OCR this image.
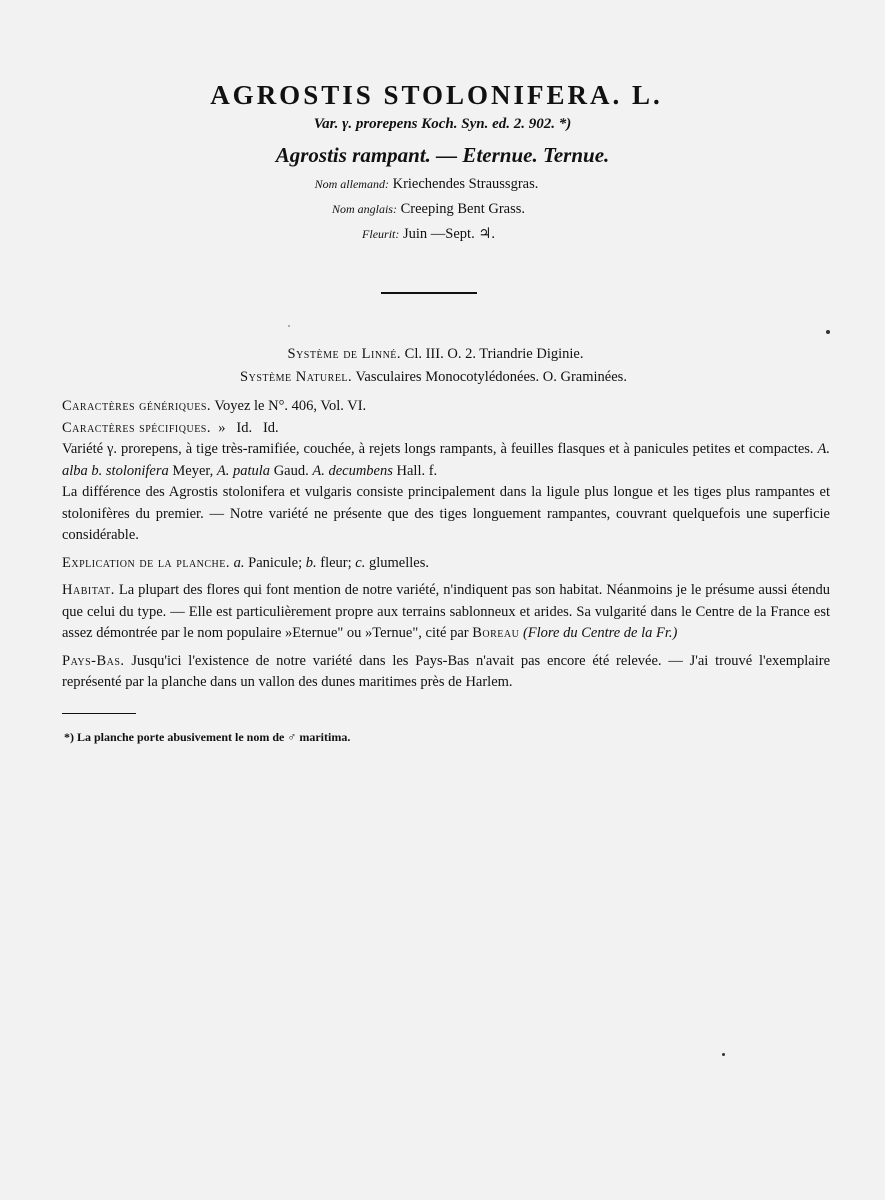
AGROSTIS STOLONIFERA. L.
Var. γ. prorepens Koch. Syn. ed. 2. 902. *)
Agrostis rampant. — Eternue. Ternue.
Nom allemand: Kriechendes Straussgras.
Nom anglais: Creeping Bent Grass.
Fleurit: Juin —Sept. ♃.
Système de Linné. Cl. III. O. 2. Triandrie Diginie.
Système Naturel. Vasculaires Monocotylédonées. O. Graminées.

Caractères génériques. Voyez le N°. 406, Vol. VI.

Caractères spécifiques. »   Id.   Id.

Variété γ. prorepens, à tige très-ramifiée, couchée, à rejets longs rampants, à feuilles flasques et à panicules petites et compactes. A. alba b. stolonifera Meyer, A. patula Gaud. A. decumbens Hall. f.

La différence des Agrostis stolonifera et vulgaris consiste principalement dans la ligule plus longue et les tiges plus rampantes et stolonifères du premier. — Notre variété ne présente que des tiges longuement rampantes, couvrant quelquefois une superficie considérable.

Explication de la planche. a. Panicule; b. fleur; c. glumelles.

Habitat. La plupart des flores qui font mention de notre variété, n'indiquent pas son habitat. Néanmoins je le présume aussi étendu que celui du type. — Elle est particulièrement propre aux terrains sablonneux et arides. Sa vulgarité dans le Centre de la France est assez démontrée par le nom populaire »Eternue" ou »Ternue", cité par Boreau (Flore du Centre de la Fr.)

Pays-Bas. Jusqu'ici l'existence de notre variété dans les Pays-Bas n'avait pas encore été relevée. — J'ai trouvé l'exemplaire représenté par la planche dans un vallon des dunes maritimes près de Harlem.

*) La planche porte abusivement le nom de ♂ maritima.
